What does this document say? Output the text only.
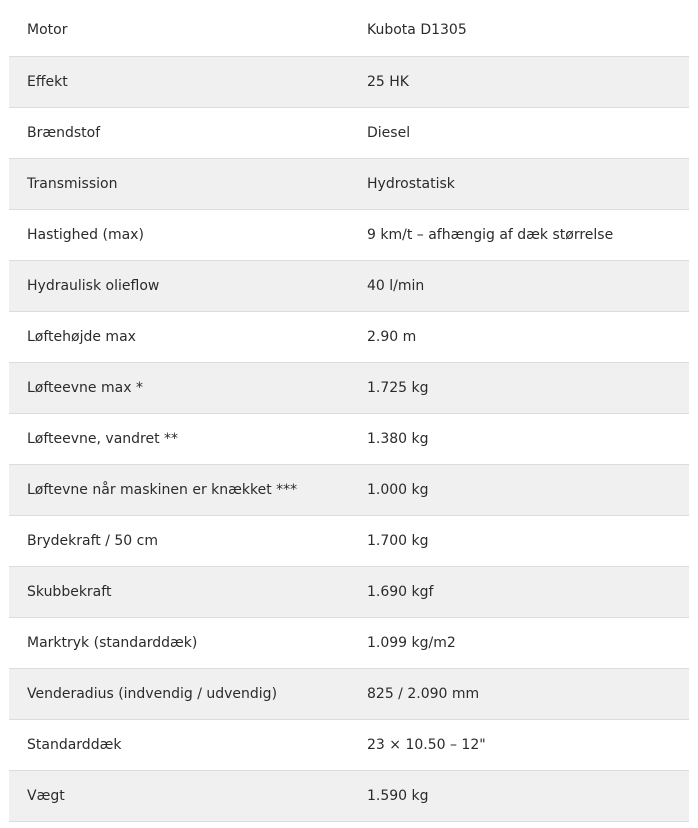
Motor	Kubota D1305
Effekt	25 HK
Brændstof	Diesel
Transmission	Hydrostatisk
Hastighed (max)	9 km/t – afhængig af dæk størrelse
Hydraulisk olieflow	40 l/min
Løftehøjde max	2.90 m
Løfteevne max *	1.725 kg
Løfteevne, vandret **	1.380 kg
Løftevne når maskinen er knækket ***	1.000 kg
Brydekraft / 50 cm	1.700 kg
Skubbekraft	1.690 kgf
Marktryk (standarddæk)	1.099 kg/m2
Venderadius (indvendig / udvendig)	825 / 2.090 mm
Standarddæk	23 × 10.50 – 12"
Vægt	1.590 kg
